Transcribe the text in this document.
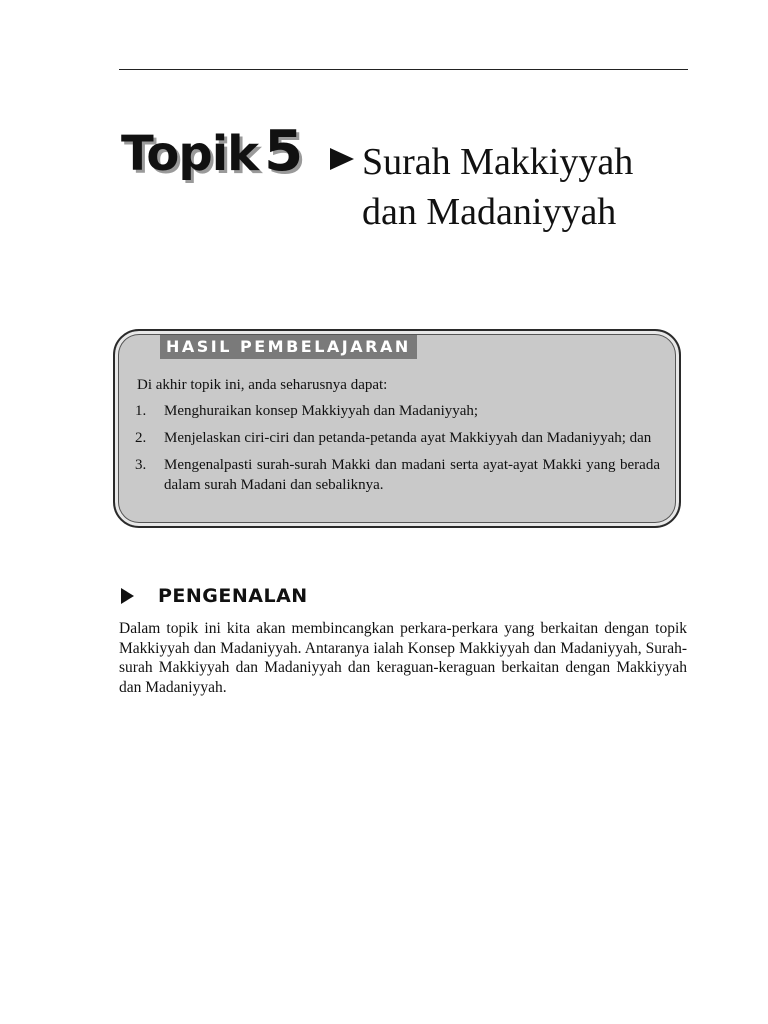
Topik 5 Surah Makkiyyah
dan Madaniyyah
HASIL PEMBELAJARAN
Di akhir topik ini, anda seharusnya dapat:
1.	Menghuraikan konsep Makkiyyah dan Madaniyyah;
2.	Menjelaskan ciri-ciri dan petanda-petanda ayat Makkiyyah dan Madaniyyah; dan
3.	Mengenalpasti surah-surah Makki dan madani serta ayat-ayat Makki yang berada dalam surah Madani dan sebaliknya.
PENGENALAN

Dalam topik ini kita akan membincangkan perkara-perkara yang berkaitan dengan topik Makkiyyah dan Madaniyyah. Antaranya ialah Konsep Makkiyyah dan Madaniyyah, Surah-surah Makkiyyah dan Madaniyyah dan keraguan-keraguan berkaitan dengan Makkiyyah dan Madaniyyah.
